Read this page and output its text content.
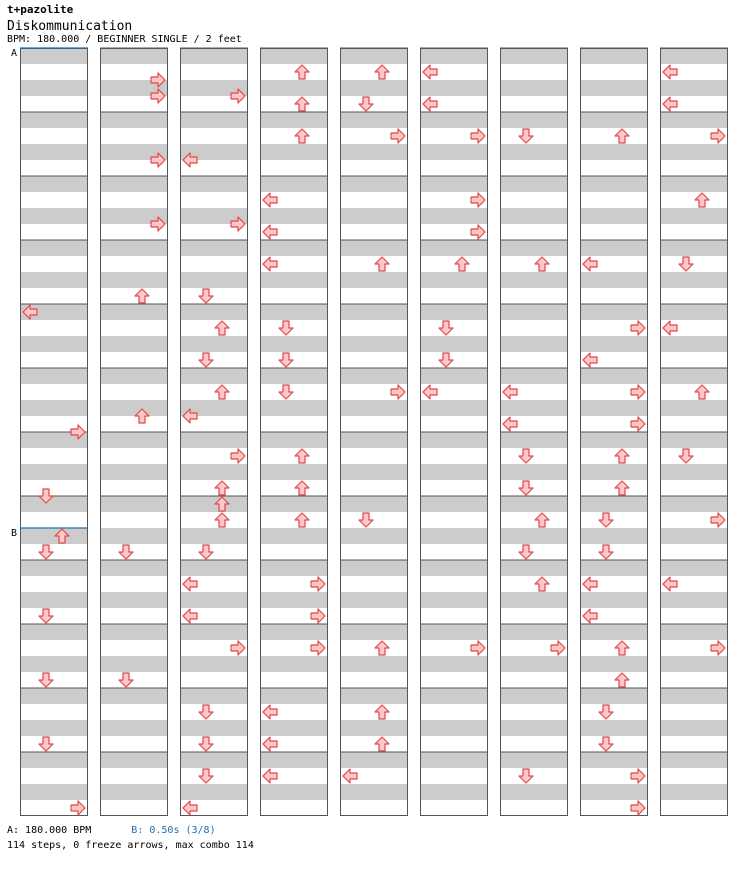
t+pazolite
Diskommunication
BPM: 180.000 / BEGINNER SINGLE / 2 feet
A
B
A: 180.000 BPM	B: 0.50s (3/8)
114 steps, 0 freeze arrows, max combo 114
